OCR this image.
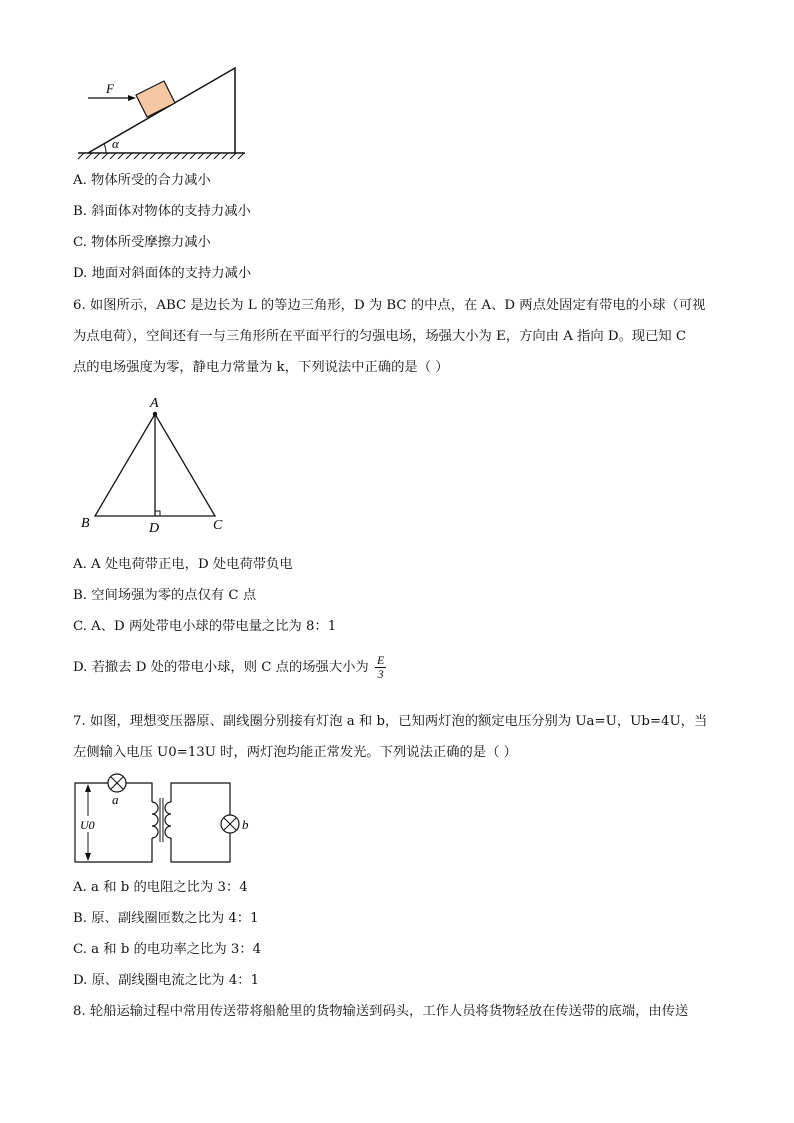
α
F
A. 物体所受的合力减小
B. 斜面体对物体的支持力减小
C. 物体所受摩擦力减小
D. 地面对斜面体的支持力减小
6. 如图所示，ABC 是边长为 L 的等边三角形，D 为 BC 的中点，在 A、D 两点处固定有带电的小球（可视
为点电荷），空间还有一与三角形所在平面平行的匀强电场，场强大小为 E，方向由 A 指向 D。现已知 C
点的电场强度为零，静电力常量为 k，下列说法中正确的是（ ）
A
B	C
D
A. A 处电荷带正电，D 处电荷带负电
B. 空间场强为零的点仅有 C 点
C. A、D 两处带电小球的带电量之比为 8：1
D. 若撤去 D 处的带电小球，则 C 点的场强大小为 $\frac{E}{3}$
7. 如图，理想变压器原、副线圈分别接有灯泡 a 和 b，已知两灯泡的额定电压分别为 Ua=U，Ub=4U，当
左侧输入电压 U0=13U 时，两灯泡均能正常发光。下列说法正确的是（ ）
a
b
U0
A. a 和 b 的电阻之比为 3：4
B. 原、副线圈匝数之比为 4：1
C. a 和 b 的电功率之比为 3：4
D. 原、副线圈电流之比为 4：1
8. 轮船运输过程中常用传送带将船舱里的货物输送到码头，工作人员将货物轻放在传送带的底端，由传送
